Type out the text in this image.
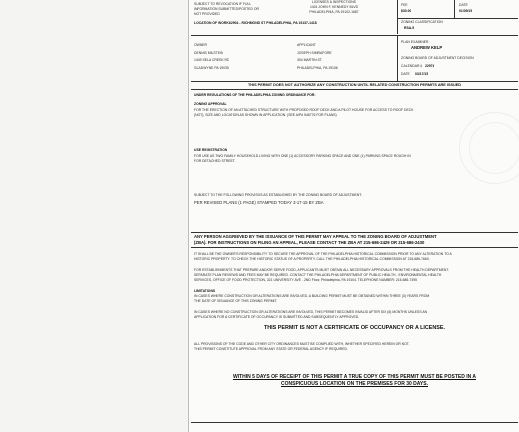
SUBJECT TO REVOCATION IF FULL
INFORMATION SUBMITTED/POSTED OR
NOT PROVIDED
LICENSES & INSPECTIONS
1401 JOHN F. KENNEDY BLVD
PHILADELPHIA, PA 19102-1687
FEE
$30.00
DATE
01/09/15
ZONING CLASSIFICATION
RSA-5
LOCATION OF WORK: 02904 - RICHMOND ST PHILADELPHIA, PA 19137-1418
OWNER
DENNIS MILSTEIN
1449 SELA CREEK RD
GLADWYNE PA 19035
APPLICANT
JOSEPH SIMRAFORE
304 MARTIN ST
PHILADELPHIA, PA 19106
PLAN EXAMINER
ANDREW KELP
ZONING BOARD OF ADJUSTMENT DECISION
CALENDAR # 22974
DATE 03/17/15
THIS PERMIT DOES NOT AUTHORIZE ANY CONSTRUCTION UNTIL RELATED CONSTRUCTION PERMITS ARE ISSUED
UNDER REGULATIONS OF THE PHILADELPHIA ZONING ORDINANCE FOR:
ZONING APPROVAL
FOR THE ERECTION OF AN ATTACHED STRUCTURE WITH PROPOSED ROOF DECK AND A PILOT HOUSE FOR ACCESS TO ROOF DECK
(NOT), SIZE AND LOCATION AS SHOWN IN APPLICATION. (SEE A/P# 546776 FOR PLANS)
USE REGISTRATION
FOR USE AS TWO FAMILY HOUSEHOLD LIVING WITH ONE (1) ACCESSORY PARKING SPACE AND ONE (1) PARKING SPACE ROUGH IN
FOR DETACHED STREET.
SUBJECT TO THE FOLLOWING PROVISOS AS ESTABLISHED BY THE ZONING BOARD OF ADJUSTMENT:
PER REVISED PLANS (1 PAGE) STAMPED TODAY 3-17-15 BY ZBA
ANY PERSON AGGRIEVED BY THE ISSUANCE OF THIS PERMIT MAY APPEAL TO THE ZONING BOARD OF ADJUSTMENT
(ZBA). FOR INSTRUCTIONS ON FILING AN APPEAL, PLEASE CONTACT THE ZBA AT 215-686-2429 OR 215-686-2430
IT SHALL BE THE OWNER'S RESPONSIBILITY TO SECURE THE APPROVAL OF THE PHILADELPHIA HISTORICAL COMMISSION PRIOR TO ANY ALTERATION TO A
HISTORIC PROPERTY. TO CHECK THE HISTORIC STATUS OF A PROPERTY, CALL THE PHILADELPHIA HISTORICAL COMMISSION AT 215-686-7660.
FOR ESTABLISHMENTS THAT PREPARE AND/OR SERVE FOOD, APPLICANTS MUST OBTAIN ALL NECESSARY APPROVALS FROM THE HEALTH DEPARTMENT.
SEPARATE PLAN REVIEWS AND FEES MAY BE REQUIRED. CONTACT THE PHILADELPHIA DEPARTMENT OF PUBLIC HEALTH - ENVIRONMENTAL HEALTH
SERVICES, OFFICE OF FOOD PROTECTION, 321 UNIVERSITY AVE - 2ND Floor, Philadelphia, PA 19104. TELEPHONE NUMBER: 215-685-7495
LIMITATIONS
IN CASES WHERE CONSTRUCTION OR ALTERATIONS ARE INVOLVED, A BUILDING PERMIT MUST BE OBTAINED WITHIN THREE (3) YEARS FROM
THE DATE OF ISSUANCE OF THIS ZONING PERMIT.
IN CASES WHERE NO CONSTRUCTION OR ALTERATIONS ARE INVOLVED, THIS PERMIT BECOMES INVALID AFTER SIX (6) MONTHS UNLESS AN
APPLICATION FOR A CERTIFICATE OF OCCUPANCY IS SUBMITTED AND SUBSEQUENTLY APPROVED.
THIS PERMIT IS NOT A CERTIFICATE OF OCCUPANCY OR A LICENSE.
ALL PROVISIONS OF THE CODE AND OTHER CITY ORDINANCES MUST BE COMPLIED WITH, WHETHER SPECIFIED HEREIN OR NOT.
THIS PERMIT CONSTITUTE APPROVAL FROM ANY STATE OR FEDERAL AGENCY IF REQUIRED.
WITHIN 5 DAYS OF RECEIPT OF THIS PERMIT A TRUE COPY OF THIS PERMIT MUST BE POSTED IN A
CONSPICUOUS LOCATION ON THE PREMISES FOR 30 DAYS.
